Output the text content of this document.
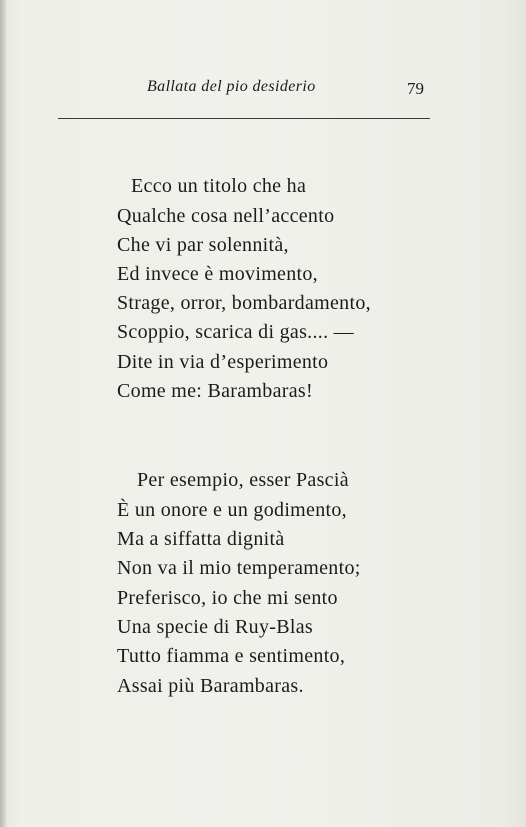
Ballata del pio desiderio	79
Ecco un titolo che ha
Qualche cosa nell’accento
Che vi par solennità,
Ed invece è movimento,
Strage, orror, bombardamento,
Scoppio, scarica di gas.... —
Dite in via d’esperimento
Come me: Barambaras!
Per esempio, esser Pascià
È un onore e un godimento,
Ma a siffatta dignità
Non va il mio temperamento;
Preferisco, io che mi sento
Una specie di Ruy-Blas
Tutto fiamma e sentimento,
Assai più Barambaras.
